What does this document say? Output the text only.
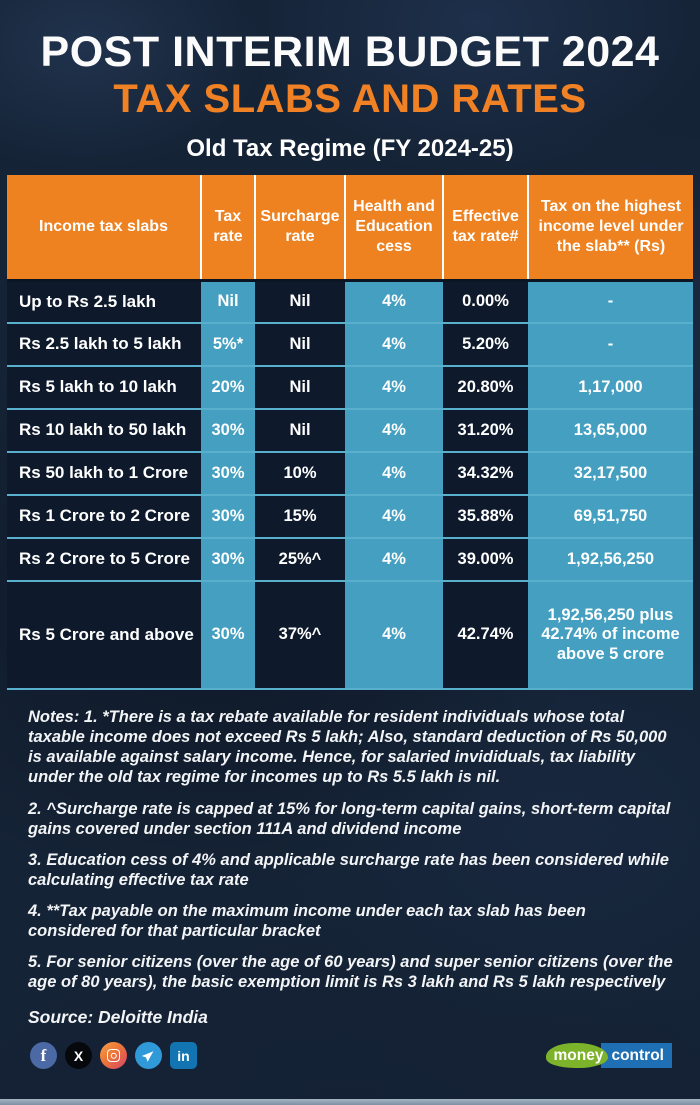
POST INTERIM BUDGET 2024
TAX SLABS AND RATES
Old Tax Regime (FY 2024-25)
Income tax slabs	Tax rate	Surcharge rate	Health and Education cess	Effective tax rate#	Tax on the highest income level under the slab** (Rs)
Up to Rs 2.5 lakh	Nil	Nil	4%	0.00%	-
Rs 2.5 lakh to 5 lakh	5%*	Nil	4%	5.20%	-
Rs 5 lakh to 10 lakh	20%	Nil	4%	20.80%	1,17,000
Rs 10 lakh to 50 lakh	30%	Nil	4%	31.20%	13,65,000
Rs 50 lakh to 1 Crore	30%	10%	4%	34.32%	32,17,500
Rs 1 Crore to 2 Crore	30%	15%	4%	35.88%	69,51,750
Rs 2 Crore to 5 Crore	30%	25%^	4%	39.00%	1,92,56,250
Rs 5 Crore and above	30%	37%^	4%	42.74%	1,92,56,250 plus 42.74% of income above 5 crore

Notes: 1. *There is a tax rebate available for resident individuals whose total taxable income does not exceed Rs 5 lakh; Also, standard deduction of Rs 50,000 is available against salary income. Hence, for salaried invididuals, tax liability under the old tax regime for incomes up to Rs 5.5 lakh is nil.

2. ^Surcharge rate is capped at 15% for long-term capital gains, short-term capital gains covered under section 111A and dividend income

3. Education cess of 4% and applicable surcharge rate has been considered while calculating effective tax rate

4. **Tax payable on the maximum income under each tax slab has been considered for that particular bracket

5. For senior citizens (over the age of 60 years) and super senior citizens (over the age of 80 years), the basic exemption limit is Rs 3 lakh and Rs 5 lakh respectively

Source: Deloitte India
f	X	in	money control
